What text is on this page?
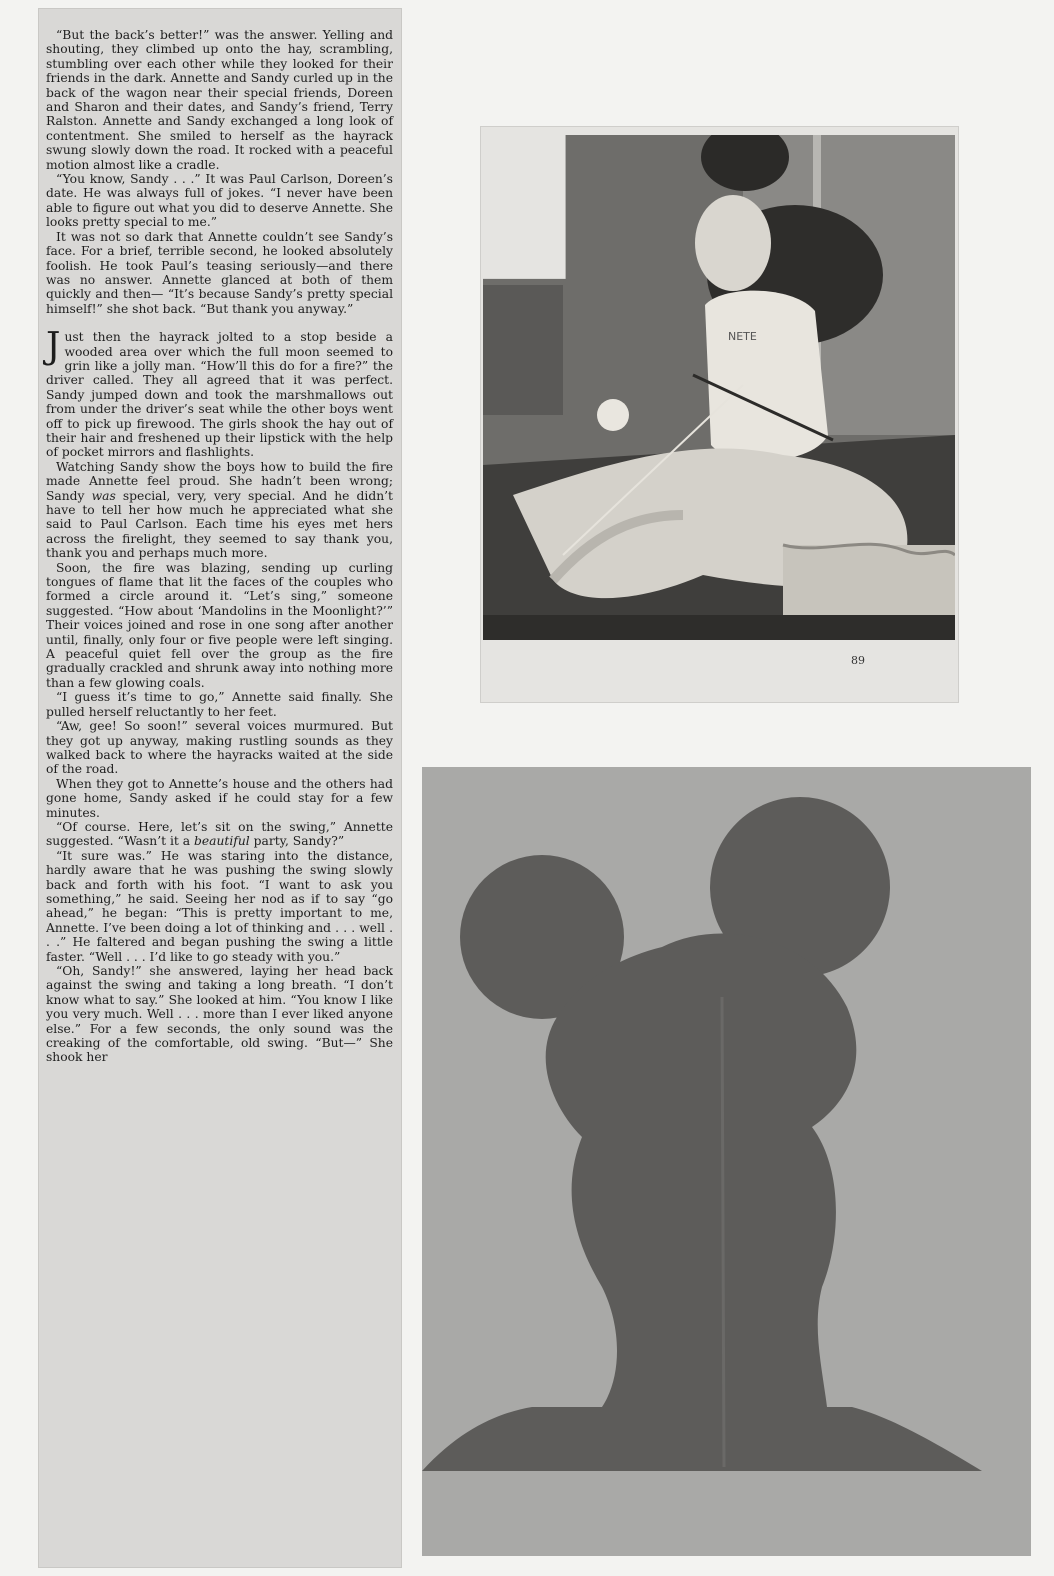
“But the back’s better!” was the answer. Yelling and shouting, they climbed up onto the hay, scrambling, stumbling over each other while they looked for their friends in the dark. Annette and Sandy curled up in the back of the wagon near their special friends, Doreen and Sharon and their dates, and Sandy’s friend, Terry Ralston. Annette and Sandy exchanged a long look of contentment. She smiled to herself as the hayrack swung slowly down the road. It rocked with a peaceful motion almost like a cradle.

“You know, Sandy . . .” It was Paul Carlson, Doreen’s date. He was always full of jokes. “I never have been able to figure out what you did to deserve Annette. She looks pretty special to me.”

It was not so dark that Annette couldn’t see Sandy’s face. For a brief, terrible second, he looked absolutely foolish. He took Paul’s teasing seriously—and there was no answer. Annette glanced at both of them quickly and then— “It’s because Sandy’s pretty special himself!” she shot back. “But thank you anyway.”

Just then the hayrack jolted to a stop beside a wooded area over which the full moon seemed to grin like a jolly man. “How’ll this do for a fire?” the driver called. They all agreed that it was perfect. Sandy jumped down and took the marshmallows out from under the driver’s seat while the other boys went off to pick up firewood. The girls shook the hay out of their hair and freshened up their lipstick with the help of pocket mirrors and flashlights.

Watching Sandy show the boys how to build the fire made Annette feel proud. She hadn’t been wrong; Sandy was special, very, very special. And he didn’t have to tell her how much he appreciated what she said to Paul Carlson. Each time his eyes met hers across the firelight, they seemed to say thank you, thank you and perhaps much more.

Soon, the fire was blazing, sending up curling tongues of flame that lit the faces of the couples who formed a circle around it. “Let’s sing,” someone suggested. “How about ‘Mandolins in the Moonlight?’” Their voices joined and rose in one song after another until, finally, only four or five people were left singing. A peaceful quiet fell over the group as the fire gradually crackled and shrunk away into nothing more than a few glowing coals.

“I guess it’s time to go,” Annette said finally. She pulled herself reluctantly to her feet.

“Aw, gee! So soon!” several voices murmured. But they got up anyway, making rustling sounds as they walked back to where the hayracks waited at the side of the road.

When they got to Annette’s house and the others had gone home, Sandy asked if he could stay for a few minutes.

“Of course. Here, let’s sit on the swing,” Annette suggested. “Wasn’t it a beautiful party, Sandy?”

“It sure was.” He was staring into the distance, hardly aware that he was pushing the swing slowly back and forth with his foot. “I want to ask you something,” he said. Seeing her nod as if to say “go ahead,” he began: “This is pretty important to me, Annette. I’ve been doing a lot of thinking and . . . well . . .” He faltered and began pushing the swing a little faster. “Well . . . I’d like to go steady with you.”

“Oh, Sandy!” she answered, laying her head back against the swing and taking a long breath. “I don’t know what to say.” She looked at him. “You know I like you very much. Well . . . more than I ever liked anyone else.” For a few seconds, the only sound was the creaking of the comfortable, old swing. “But—” She shook her

NETE
89
